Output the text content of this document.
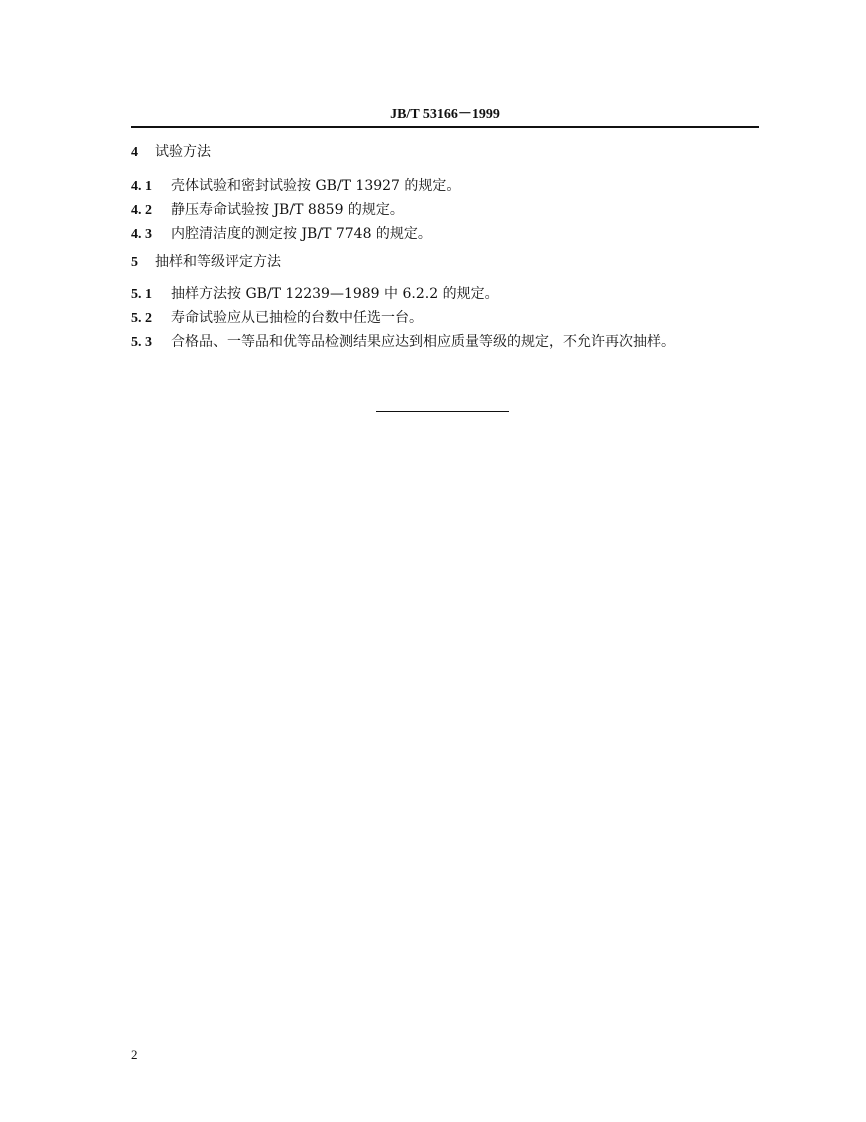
JB/T 53166－1999
4 试验方法
4. 1 壳体试验和密封试验按 GB/T 13927 的规定。
4. 2 静压寿命试验按 JB/T 8859 的规定。
4. 3 内腔清洁度的测定按 JB/T 7748 的规定。
5 抽样和等级评定方法
5. 1 抽样方法按 GB/T 12239—1989 中 6.2.2 的规定。
5. 2 寿命试验应从已抽检的台数中任选一台。
5. 3 合格品、一等品和优等品检测结果应达到相应质量等级的规定，不允许再次抽样。
2
